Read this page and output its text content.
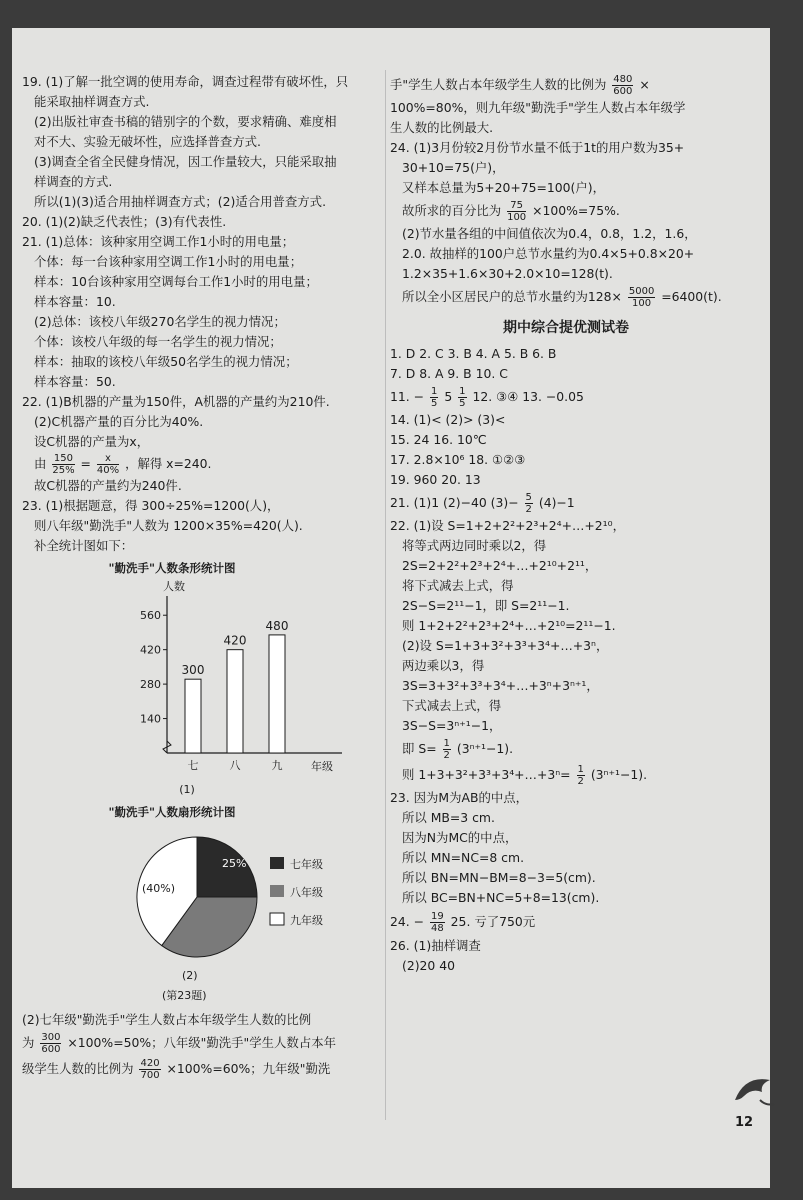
19. (1)了解一批空调的使用寿命，调查过程带有破坏性，只
能采取抽样调查方式.
(2)出版社审查书稿的错别字的个数，要求精确、难度相
对不大、实验无破坏性，应选择普查方式.
(3)调查全省全民健身情况，因工作量较大，只能采取抽
样调查的方式.
所以(1)(3)适合用抽样调查方式；(2)适合用普查方式.
20. (1)(2)缺乏代表性；(3)有代表性.
21. (1)总体：该种家用空调工作1小时的用电量；
个体：每一台该种家用空调工作1小时的用电量；
样本：10台该种家用空调每台工作1小时的用电量；
样本容量：10.
(2)总体：该校八年级270名学生的视力情况；
个体：该校八年级的每一名学生的视力情况；
样本：抽取的该校八年级50名学生的视力情况；
样本容量：50.
22. (1)B机器的产量为150件，A机器的产量约为210件.
(2)C机器产量的百分比为40%.
设C机器的产量为x，
由 $\frac{150}{25\%} = \frac{x}{40\%}$ ，解得 x=240.
故C机器的产量约为240件.
23. (1)根据题意，得 300÷25%=1200(人)，
则八年级"勤洗手"人数为 1200×35%=420(人).
补全统计图如下：
"勤洗手"人数条形统计图
人数
年级
140
280
420
560
300
七
420
八
480
九
(1)
"勤洗手"人数扇形统计图
25%
(40%)
七年级
八年级
九年级
(2)
(第23题)
(2)七年级"勤洗手"学生人数占本年级学生人数的比例
为 $\frac{300}{600} \times 100\%=50\%$；八年级"勤洗手"学生人数占本年
级学生人数的比例为 $\frac{420}{700} \times 100\%=60\%$；九年级"勤洗
手"学生人数占本年级学生人数的比例为 $\frac{480}{600}$ ×
100%=80%，则九年级"勤洗手"学生人数占本年级学
生人数的比例最大.
24. (1)3月份较2月份节水量不低于1t的用户数为35+
30+10=75(户)，
又样本总量为5+20+75=100(户)，
故所求的百分比为 $\frac{75}{100} \times 100\%=75\%$.
(2)节水量各组的中间值依次为0.4，0.8，1.2，1.6，
2.0. 故抽样的100户总节水量约为0.4×5+0.8×20+
1.2×35+1.6×30+2.0×10=128(t).
所以全小区居民户的总节水量约为$128\times \frac{5000}{100} =6400(t)$.
期中综合提优测试卷
1. D 2. C 3. B 4. A 5. B 6. B
7. D 8. A 9. B 10. C
11. − $\frac{1}{5} 5 \frac{1}{5} 12$. ③④ 13. −0.05
14. (1)< (2)> (3)<
15. 24 16. 10℃
17. 2.8×10⁶ 18. ①②③
19. 960 20. 13
21. (1)1 (2)−40 $(3)- \frac{5}{2} (4)-1$
22. (1)设 S=1+2+2²+2³+2⁴+…+2¹⁰，
将等式两边同时乘以2，得
2S=2+2²+2³+2⁴+…+2¹⁰+2¹¹，
将下式减去上式，得
2S−S=2¹¹−1，即 S=2¹¹−1.
则 1+2+2²+2³+2⁴+…+2¹⁰=2¹¹−1.
(2)设 S=1+3+3²+3³+3⁴+…+3ⁿ，
两边乘以3，得
3S=3+3²+3³+3⁴+…+3ⁿ+3ⁿ⁺¹，
下式减去上式，得
3S−S=3ⁿ⁺¹−1，
即 $S= \frac{1}{2} (3^{n+1}-1)$.
则 1+3+3²+3³+3⁴+…+3ⁿ= $\frac{1}{2} (3^{n+1}-1)$.
23. 因为M为AB的中点，
所以 MB=3 cm.
因为N为MC的中点，
所以 MN=NC=8 cm.
所以 BN=MN−BM=8−3=5(cm).
所以 BC=BN+NC=5+8=13(cm).
24. − $\frac{19}{48} 25$. 亏了750元
26. (1)抽样调查
(2)20 40
12
